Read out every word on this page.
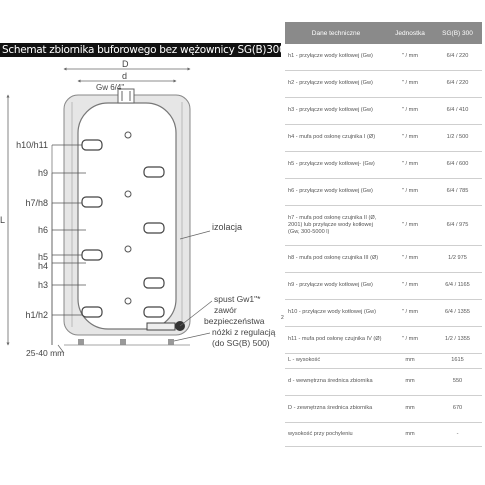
Schemat zbiornika buforowego bez wężownicy SG(B)300-2000
D
d
Gw 6/4"
L
h10/h11
h9
h7/h8
h6
h5
h4
h3
h1/h2
25-40 mm
izolacja
spust Gw1"*
zawór
bezpieczeństwa	2
nóżki z regulacją
(do SG(B) 500)
Dane techniczne	Jednostka	SG(B) 300
h1 - przyłącze wody kotłowej (Gw)	" / mm	6/4 / 220
h2 - przyłącze wody kotłowej (Gw)	" / mm	6/4 / 220
h3 - przyłącze wody kotłowej (Gw)	" / mm	6/4 / 410
h4 - mufa pod osłonę czujnika I (Ø)	" / mm	1/2 / 500
h5 - przyłącze wody kotłowej- (Gw)	" / mm	6/4 / 600
h6 - przyłącze wody kotłowej (Gw)	" / mm	6/4 / 785
h7 - mufa pod osłonę czujnika II (Ø, 2001) lub przyłącze wody kotłowej (Gw, 300-5000 l)	" / mm	6/4 / 975
h8 - mufa pod osłonę czujnika III (Ø)	" / mm	1/2 975
h9 - przyłącze wody kotłowej (Gw)	" / mm	6/4 / 1165
h10 - przyłącze wody kotłowej (Gw)	" / mm	6/4 / 1355
h11 - mufa pod osłonę czujnika IV (Ø)	" / mm	1/2 / 1355
L - wysokość	mm	1615
d - wewnętrzna średnica zbiornika	mm	550
D - zewnętrzna średnica zbiornika	mm	670
wysokość przy pochyleniu	mm	-
